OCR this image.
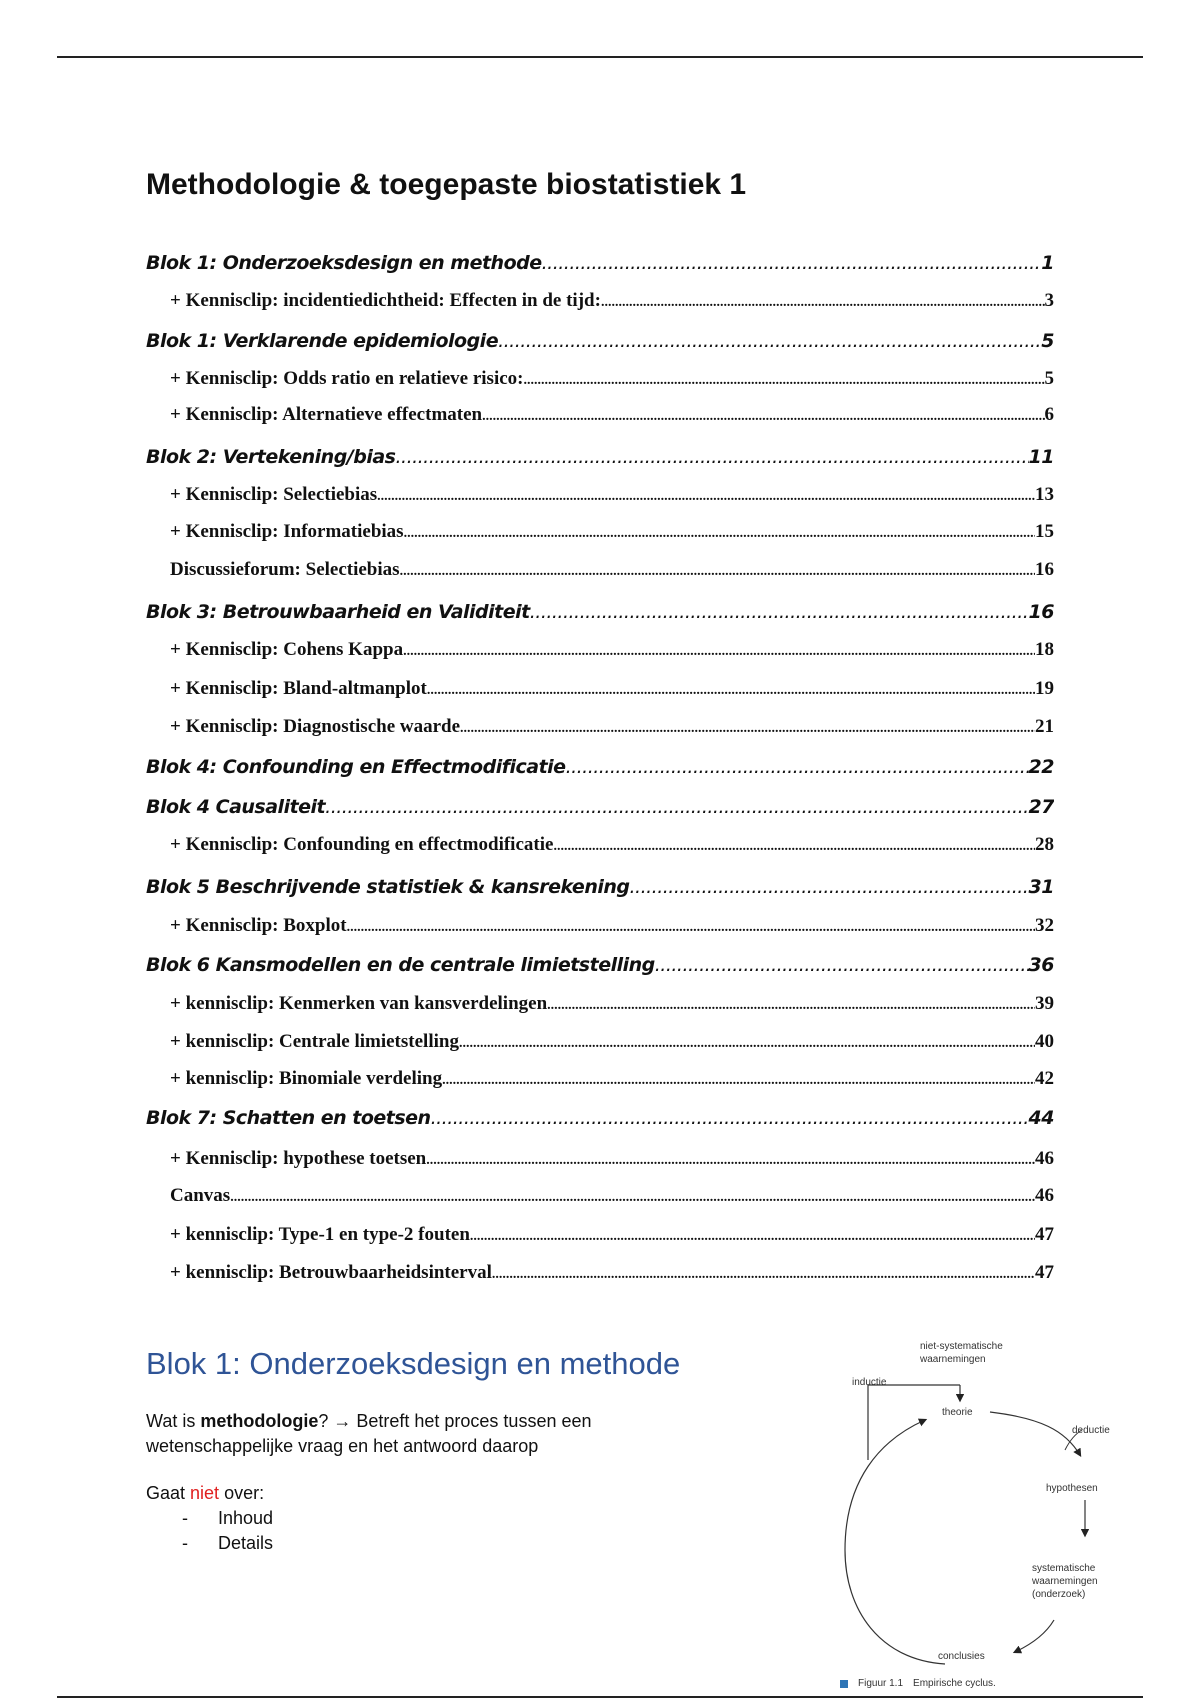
Methodologie & toegepaste biostatistiek 1
Blok 1: Onderzoeksdesign en methode .....	1
+ Kennisclip: incidentiedichtheid: Effecten in de tijd: .....	3
Blok 1: Verklarende epidemiologie .....	5
+ Kennisclip: Odds ratio en relatieve risico: .....	5
+ Kennisclip: Alternatieve effectmaten .....	6
Blok 2: Vertekening/bias .....	11
+ Kennisclip: Selectiebias .....	13
+ Kennisclip: Informatiebias .....	15
Discussieforum: Selectiebias .....	16
Blok 3: Betrouwbaarheid en Validiteit .....	16
+ Kennisclip: Cohens Kappa .....	18
+ Kennisclip: Bland-altmanplot .....	19
+ Kennisclip: Diagnostische waarde .....	21
Blok 4: Confounding en Effectmodificatie .....	22
Blok 4 Causaliteit .....	27
+ Kennisclip: Confounding en effectmodificatie .....	28
Blok 5 Beschrijvende statistiek & kansrekening .....	31
+ Kennisclip: Boxplot .....	32
Blok 6 Kansmodellen en de centrale limietstelling .....	36
+ kennisclip: Kenmerken van kansverdelingen .....	39
+ kennisclip: Centrale limietstelling .....	40
+ kennisclip: Binomiale verdeling .....	42
Blok 7: Schatten en toetsen .....	44
+ Kennisclip: hypothese toetsen .....	46
Canvas .....	46
+ kennisclip: Type-1 en type-2 fouten .....	47
+ kennisclip: Betrouwbaarheidsinterval .....	47
Blok 1: Onderzoeksdesign en methode

Wat is methodologie? → Betreft het proces tussen een wetenschappelijke vraag en het antwoord daarop

Gaat niet over:

-	Inhoud
-	Details
niet-systematische waarnemingen
inductie
theorie
deductie
hypothesen
systematische waarnemingen (onderzoek)
conclusies
Figuur 1.1 Empirische cyclus.
